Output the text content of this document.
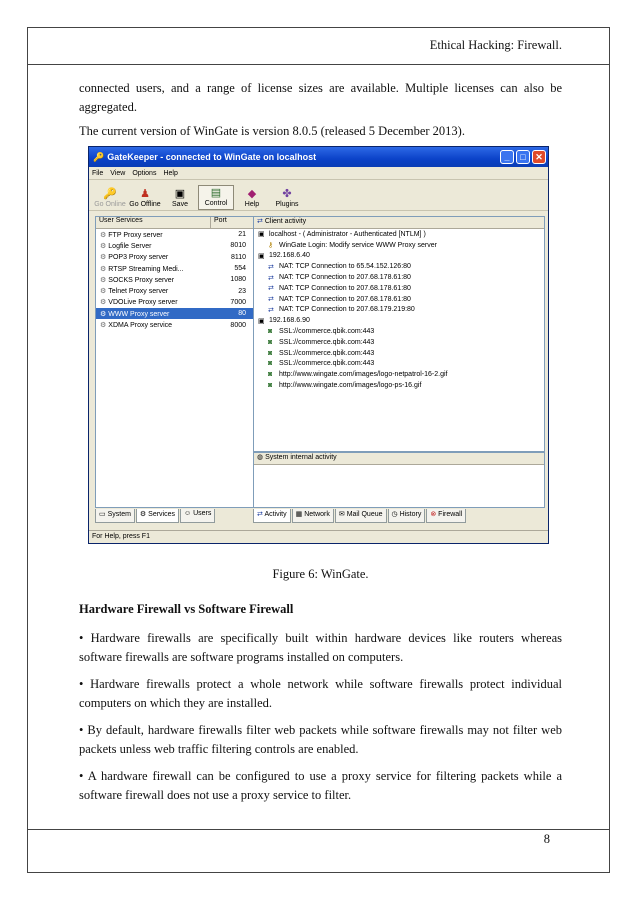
Ethical Hacking: Firewall.
connected users, and a range of license sizes are available. Multiple licenses can also be aggregated.
The current version of WinGate is version 8.0.5 (released 5 December 2013).
🔑 GateKeeper - connected to WinGate on localhost	_	□	✕
File View Options Help
🔑
Go Online
♟
Go Offline
▣
Save
▤
Control
◆
Help
✤
Plugins
User Services	Port
⚙ FTP Proxy server	21
⚙ Logfile Server	8010
⚙ POP3 Proxy server	8110
⚙ RTSP Streaming Medi...	554
⚙ SOCKS Proxy server	1080
⚙ Telnet Proxy server	23
⚙ VDOLive Proxy server	7000
⚙ WWW Proxy server	80
⚙ XDMA Proxy service	8000
▭ System	⚙ Services	☺ Users
⇄ Client activity
▣ localhost - ( Administrator - Authenticated [NTLM] )
⚷ WinGate Login: Modify service WWW Proxy server
▣ 192.168.6.40
⇄ NAT: TCP Connection to 65.54.152.126:80
⇄ NAT: TCP Connection to 207.68.178.61:80
⇄ NAT: TCP Connection to 207.68.178.61:80
⇄ NAT: TCP Connection to 207.68.178.61:80
⇄ NAT: TCP Connection to 207.68.179.219:80
▣ 192.168.6.90
◙ SSL://commerce.qbik.com:443
◙ SSL://commerce.qbik.com:443
◙ SSL://commerce.qbik.com:443
◙ SSL://commerce.qbik.com:443
◙ http://www.wingate.com/images/logo-netpatrol-16-2.gif
◙ http://www.wingate.com/images/logo-ps-16.gif
◍ System internal activity
⇄ Activity	▦ Network	✉ Mail Queue	◷ History	⊗ Firewall
For Help, press F1
Figure 6: WinGate.
Hardware Firewall vs Software Firewall
• Hardware firewalls are specifically built within hardware devices like routers whereas software firewalls are software programs installed on computers.
• Hardware firewalls protect a whole network while software firewalls protect individual computers on which they are installed.
• By default, hardware firewalls filter web packets while software firewalls may not filter web packets unless web traffic filtering controls are enabled.
• A hardware firewall can be configured to use a proxy service for filtering packets while a software firewall does not use a proxy service to filter.
8
